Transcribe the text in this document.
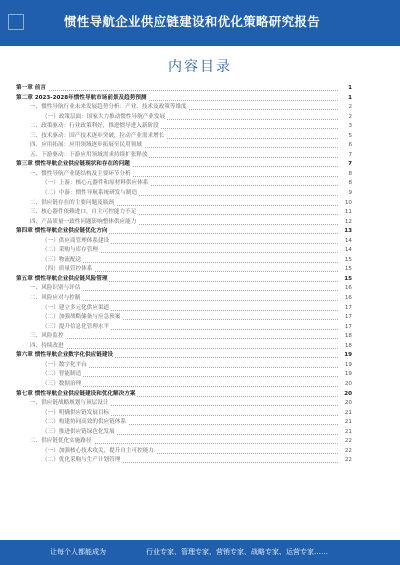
惯性导航企业供应链建设和优化策略研究报告
内容目录
第一章 前言	1
第二章 2023-2028年惯性导航市场前景及趋势预测	1
一、惯性导航行业未来发展趋势分析：产业、技术及政策等维度	2
（一）政策层面：国家大力推动惯性导航产业发展	2
二、政策驱动：行业政策利好，推进惯导进入新阶段	3
三、技术驱动：国产技术逐步突破，拉动产业需求增长	5
四、应用拓展：应用领域逐步拓展至民用领域	6
五、下游驱动：下游应用领域需求持续扩张释放	7
第三章 惯性导航企业供应链现状和存在的问题	7
一、惯性导航产业链结构及主要环节分析	8
（一）上游：核心元器件和原材料供应体系	8
（二）中游：惯性导航系统研发与制造	9
二、供应链存在的主要问题及瓶颈	10
三、核心器件依赖进口，自主可控能力不足	11
四、产品质量一致性问题影响整体供应能力	12
第四章 惯性导航企业供应链优化方向	13
（一）供应商管理体系建设	14
（二）采购与库存管理	14
（三）物流配送	15
（四）质量管控体系	15
第五章 惯性导航企业供应链风险管理	15
一、风险识别与评估	16
二、风险应对与控制	16
（一）建立多元化供应渠道	17
（二）加强战略储备与应急预案	17
（三）提升信息化管理水平	17
三、风险监控	18
四、持续改进	18
第六章 惯性导航企业数字化供应链建设	19
（一）数字化平台	19
（二）智能制造	19
（三）数据治理	20
第七章 惯性导航企业供应链建设和优化解决方案	20
一、供应链战略规划与顶层设计	20
（一）明确供应链发展目标	21
（二）构建协同高效的供应链体系	21
（三）推进供应链绿色化发展	21
二、供应链优化实施路径	22
（一）加强核心技术攻关，提升自主可控能力	22
（二）优化采购与生产计划管理	22
让每个人都能成为	行业专家、管理专家、营销专家、战略专家、运营专家……
